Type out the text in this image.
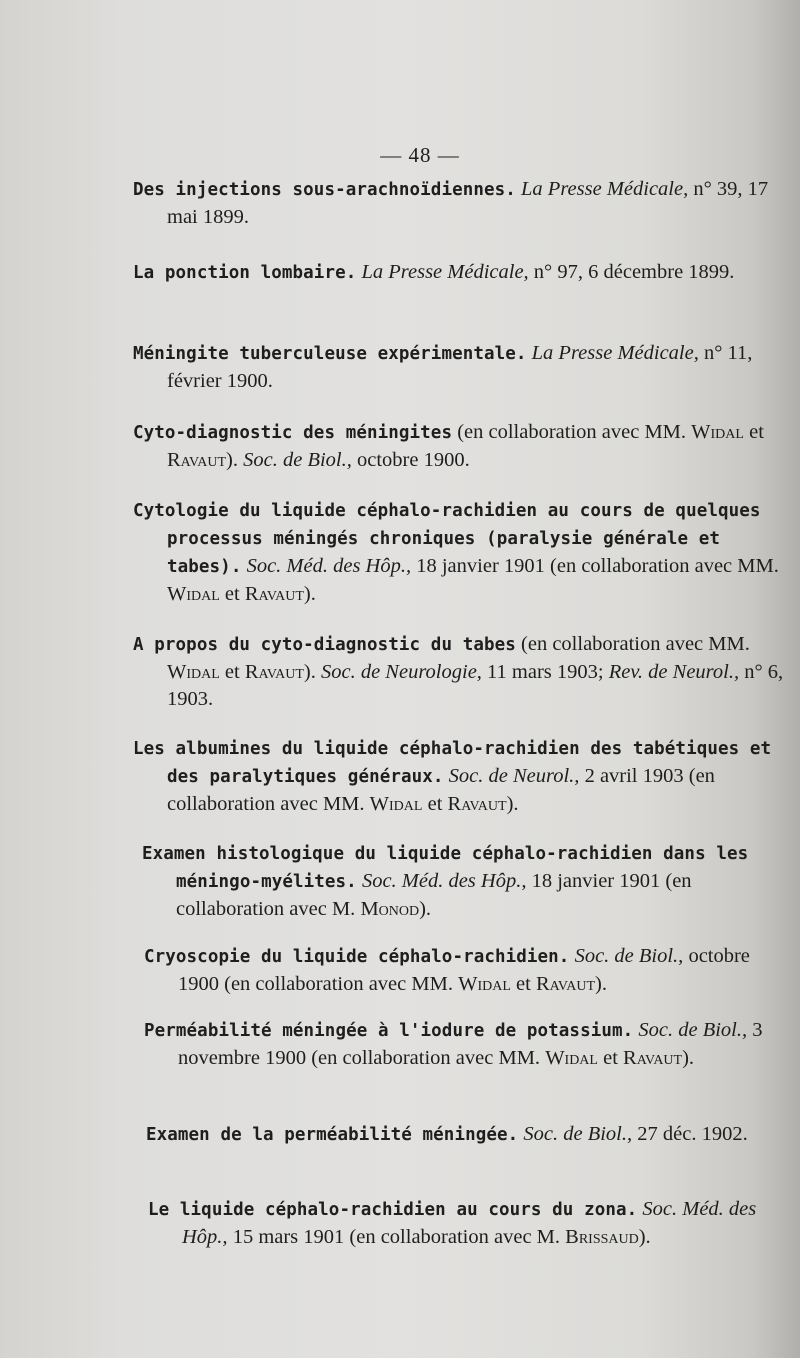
— 48 —
Des injections sous-arachnoïdiennes. La Presse Médicale, n° 39, 17 mai 1899.
La ponction lombaire. La Presse Médicale, n° 97, 6 décembre 1899.
Méningite tuberculeuse expérimentale. La Presse Médicale, n° 11, février 1900.
Cyto-diagnostic des méningites (en collaboration avec MM. Widal et Ravaut). Soc. de Biol., octobre 1900.
Cytologie du liquide céphalo-rachidien au cours de quelques processus méningés chroniques (paralysie générale et tabes). Soc. Méd. des Hôp., 18 janvier 1901 (en collaboration avec MM. Widal et Ravaut).
A propos du cyto-diagnostic du tabes (en collaboration avec MM. Widal et Ravaut). Soc. de Neurologie, 11 mars 1903; Rev. de Neurol., n° 6, 1903.
Les albumines du liquide céphalo-rachidien des tabétiques et des paralytiques généraux. Soc. de Neurol., 2 avril 1903 (en collaboration avec MM. Widal et Ravaut).
Examen histologique du liquide céphalo-rachidien dans les méningo-myélites. Soc. Méd. des Hôp., 18 janvier 1901 (en collaboration avec M. Monod).
Cryoscopie du liquide céphalo-rachidien. Soc. de Biol., octobre 1900 (en collaboration avec MM. Widal et Ravaut).
Perméabilité méningée à l'iodure de potassium. Soc. de Biol., 3 novembre 1900 (en collaboration avec MM. Widal et Ravaut).
Examen de la perméabilité méningée. Soc. de Biol., 27 déc. 1902.
Le liquide céphalo-rachidien au cours du zona. Soc. Méd. des Hôp., 15 mars 1901 (en collaboration avec M. Brissaud).
